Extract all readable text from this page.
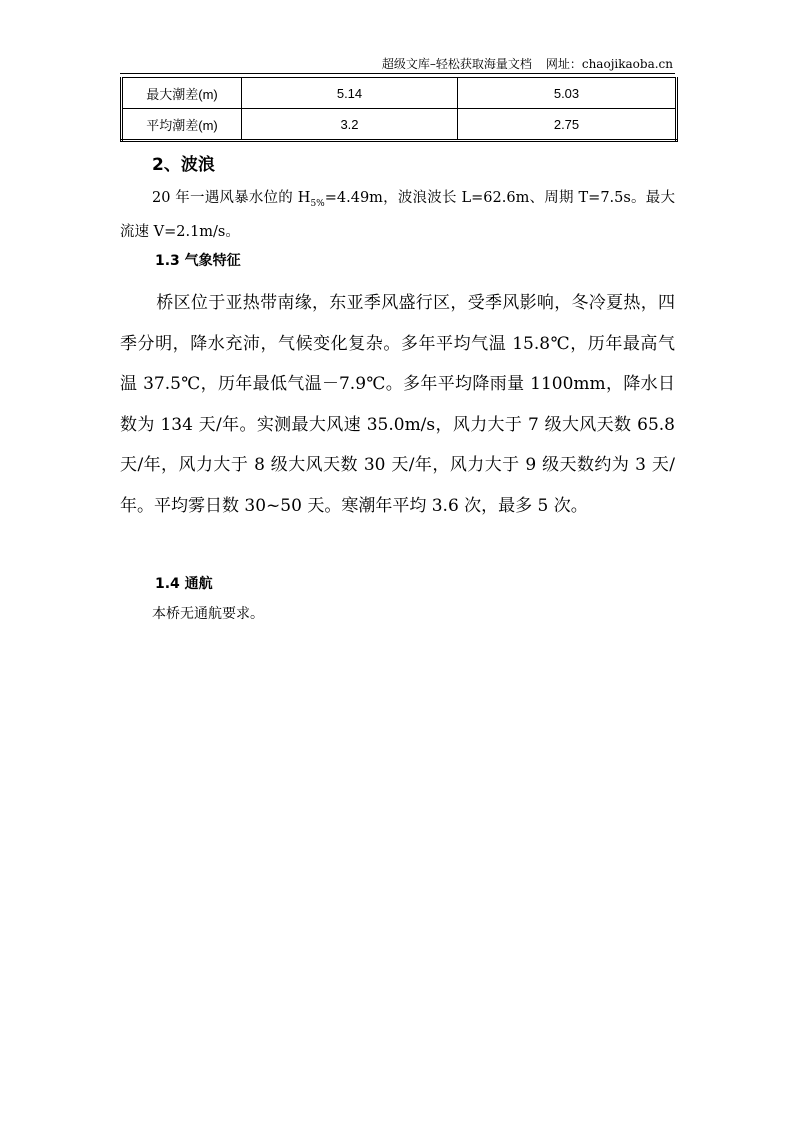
超级文库–轻松获取海量文档 网址：chaojikaoba.cn
最大潮差(m)	5.14	5.03
平均潮差(m)	3.2	2.75
2、波浪

20 年一遇风暴水位的 $H_{5\%}=4.49m$，波浪波长 L=62.6m、周期 T=7.5s。最大流速 V=2.1m/s。

1.3 气象特征

桥区位于亚热带南缘，东亚季风盛行区，受季风影响，冬冷夏热，四季分明，降水充沛，气候变化复杂。多年平均气温 15.8℃，历年最高气温 37.5℃，历年最低气温－7.9℃。多年平均降雨量 1100mm，降水日数为 134 天/年。实测最大风速 35.0m/s，风力大于 7 级大风天数 65.8 天/年，风力大于 8 级大风天数 30 天/年，风力大于 9 级天数约为 3 天/年。平均雾日数 30~50 天。寒潮年平均 3.6 次，最多 5 次。

1.4 通航

本桥无通航要求。
